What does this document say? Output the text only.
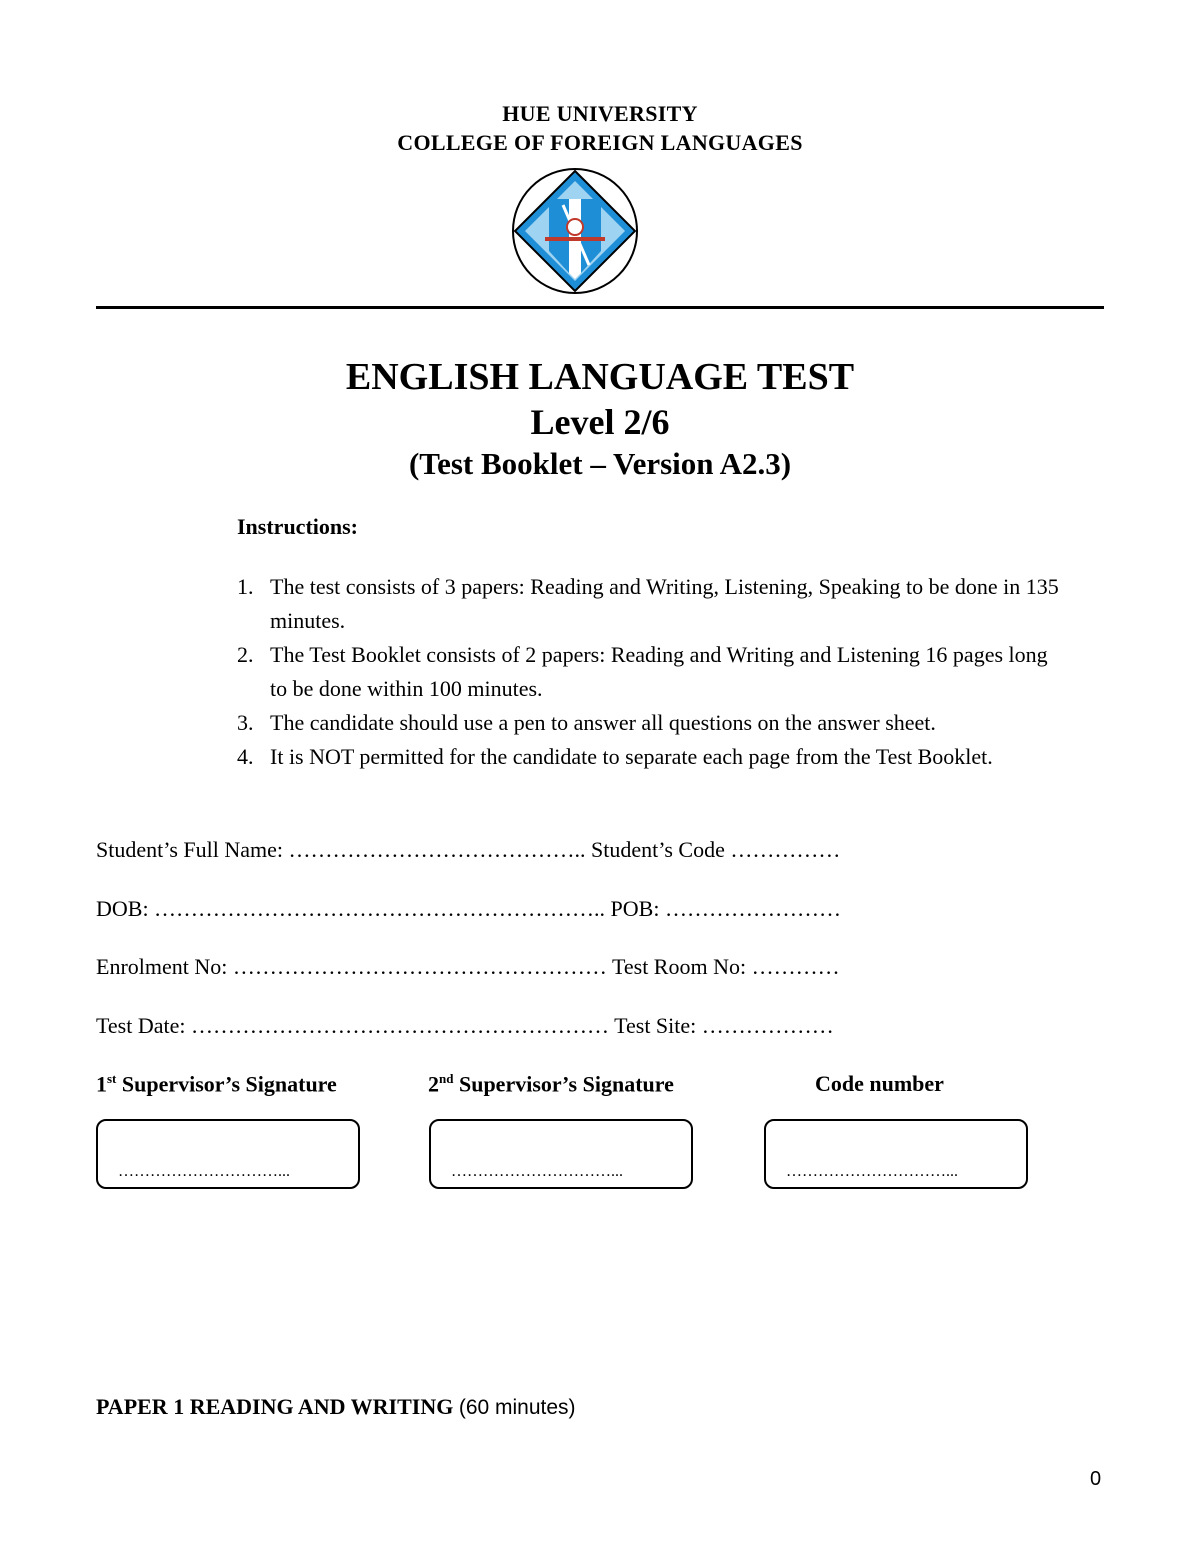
HUE UNIVERSITY
COLLEGE OF FOREIGN LANGUAGES
ENGLISH LANGUAGE TEST
Level 2/6
(Test Booklet – Version A2.3)
Instructions:
1. The test consists of 3 papers: Reading and Writing, Listening, Speaking to be done in 135 minutes.
2. The Test Booklet consists of 2 papers: Reading and Writing and Listening 16 pages long to be done within 100 minutes.
3. The candidate should use a pen to answer all questions on the answer sheet.
4. It is NOT permitted for the candidate to separate each page from the Test Booklet.
Student’s Full Name: ………………………………….. Student’s Code ……………
DOB: …………………………………………………….. POB: ……………………
Enrolment No: …………………………………………… Test Room No: …………
Test Date: ………………………………………………… Test Site: ………………
1st Supervisor’s Signature	2nd Supervisor’s Signature	Code number
…………………………...	…………………………...	…………………………...
PAPER 1 READING AND WRITING (60 minutes)
0
